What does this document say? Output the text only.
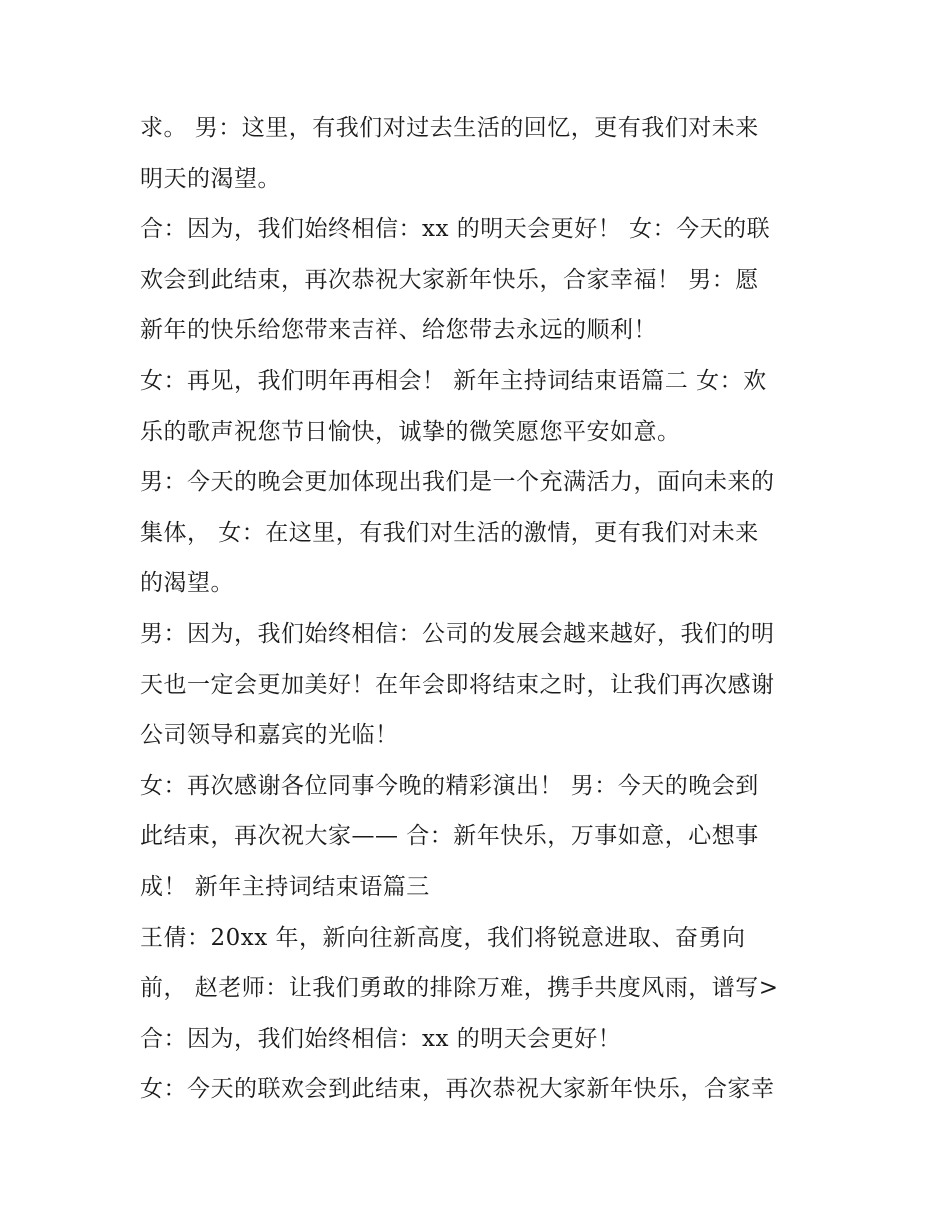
求。 男：这里，有我们对过去生活的回忆，更有我们对未来
明天的渴望。
合：因为，我们始终相信：xx 的明天会更好！ 女：今天的联
欢会到此结束，再次恭祝大家新年快乐，合家幸福！ 男：愿
新年的快乐给您带来吉祥、给您带去永远的顺利！
女：再见，我们明年再相会！ 新年主持词结束语篇二 女：欢
乐的歌声祝您节日愉快，诚挚的微笑愿您平安如意。
男：今天的晚会更加体现出我们是一个充满活力，面向未来的
集体， 女：在这里，有我们对生活的激情，更有我们对未来
的渴望。
男：因为，我们始终相信：公司的发展会越来越好，我们的明
天也一定会更加美好！在年会即将结束之时，让我们再次感谢
公司领导和嘉宾的光临！
女：再次感谢各位同事今晚的精彩演出！ 男：今天的晚会到
此结束，再次祝大家—— 合：新年快乐，万事如意，心想事
成！ 新年主持词结束语篇三
王倩：20xx 年，新向往新高度，我们将锐意进取、奋勇向
前， 赵老师：让我们勇敢的排除万难，携手共度风雨，谱写>
合：因为，我们始终相信：xx 的明天会更好！
女：今天的联欢会到此结束，再次恭祝大家新年快乐，合家幸
